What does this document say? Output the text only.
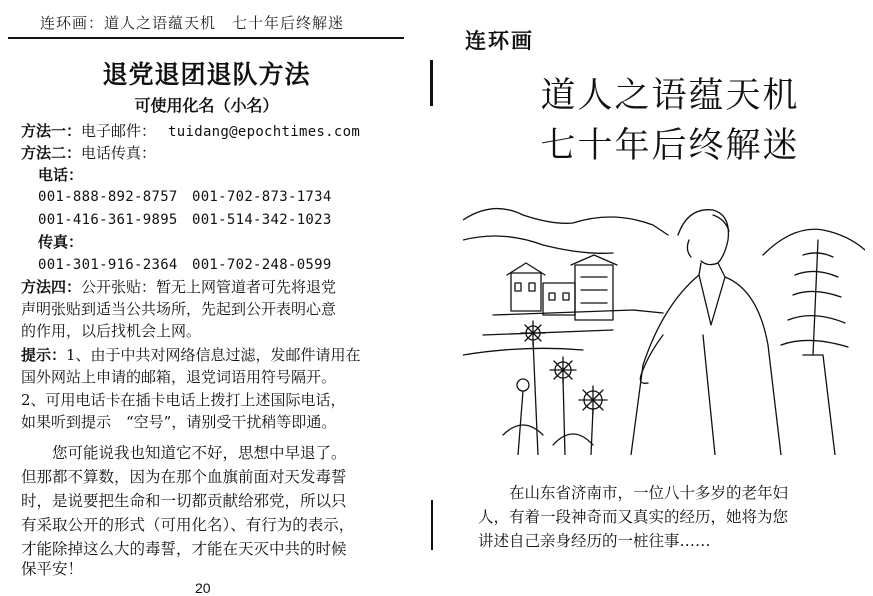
连环画：道人之语蕴天机　七十年后终解迷
退党退团退队方法
可使用化名（小名）
方法一：电子邮件： tuidang@epochtimes.com
方法二：电话传真：
电话：
001-888-892-8757　001-702-873-1734
001-416-361-9895　001-514-342-1023
传真：
001-301-916-2364　001-702-248-0599
方法四：公开张贴：暂无上网管道者可先将退党
声明张贴到适当公共场所，先起到公开表明心意
的作用，以后找机会上网。
提示：1、由于中共对网络信息过滤，发邮件请用在
国外网站上申请的邮箱，退党词语用符号隔开。
2、可用电话卡在插卡电话上拨打上述国际电话，
如果听到提示　“空号”，请别受干扰稍等即通。
　　您可能说我也知道它不好，思想中早退了。
但那都不算数，因为在那个血旗前面对天发毒誓
时，是说要把生命和一切都贡献给邪党，所以只
有采取公开的形式（可用化名）、有行为的表示，
才能除掉这么大的毒誓，才能在天灭中共的时候
保平安！
20
连环画
道人之语蕴天机
七十年后终解迷
　　在山东省济南市，一位八十多岁的老年妇
人，有着一段神奇而又真实的经历，她将为您
讲述自己亲身经历的一桩往事……
